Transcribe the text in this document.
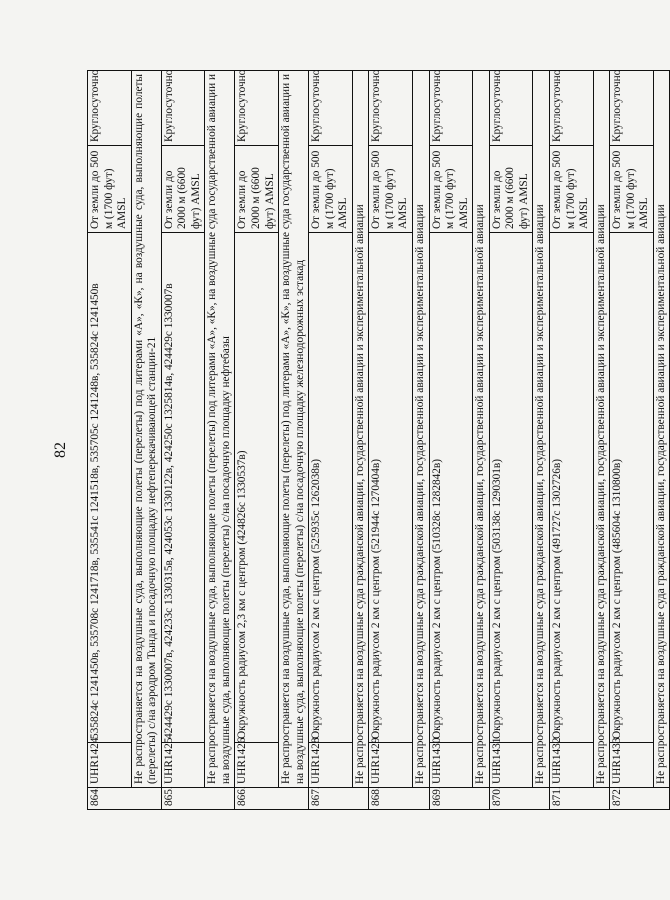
82
864.	UHR1424	535824с 1241450в, 535708с 1241718в, 535541с 1241518в, 535705с 1241248в, 535824с 1241450в	От земли до 500 м (1700 фут) AMSL	Круглосуточно
	Не распространяется на воздушные суда, выполняющие полеты (перелеты) под литерами «А», «К», на воздушные суда, выполняющие полеты (перелеты) с/на аэродром Тында и посадочную площадку нефтеперекачивающей станции-21			
865.	UHR1425	424429с 1330007в, 424233с 1330315в, 424053с 1330122в, 424250с 1325814в, 424429с 1330007в	От земли до 2000 м (6600 фут) AMSL	Круглосуточно
	Не распространяется на воздушные суда, выполняющие полеты (перелеты) под литерами «А», «К», на воздушные суда государственной авиации и на воздушные суда, выполняющие полеты (перелеты) с/на посадочную площадку нефтебазы			
866.	UHR1426	Окружность радиусом 2,3 км с центром (424826с 1330537в)	От земли до 2000 м (6600 фут) AMSL	Круглосуточно
	Не распространяется на воздушные суда, выполняющие полеты (перелеты) под литерами «А», «К», на воздушные суда государственной авиации и на воздушные суда, выполняющие полеты (перелеты) с/на посадочную площадку железнодорожных эстакад			
867.	UHR1428	Окружность радиусом 2 км с центром (525935с 1262038в)	От земли до 500 м (1700 фут) AMSL	Круглосуточно
	Не распространяется на воздушные суда гражданской авиации, государственной авиации и экспериментальной авиации			
868.	UHR1429	Окружность радиусом 2 км с центром (521944с 1270404в)	От земли до 500 м (1700 фут) AMSL	Круглосуточно
	Не распространяется на воздушные суда гражданской авиации, государственной авиации и экспериментальной авиации			
869.	UHR1430	Окружность радиусом 2 км с центром (510328с 1282842в)	От земли до 500 м (1700 фут) AMSL	Круглосуточно
	Не распространяется на воздушные суда гражданской авиации, государственной авиации и экспериментальной авиации			
870.	UHR1431	Окружность радиусом 2 км с центром (503138с 1290301в)	От земли до 2000 м (6600 фут) AMSL	Круглосуточно
	Не распространяется на воздушные суда гражданской авиации, государственной авиации и экспериментальной авиации			
871.	UHR1432	Окружность радиусом 2 км с центром (491727с 1302726в)	От земли до 500 м (1700 фут) AMSL	Круглосуточно
	Не распространяется на воздушные суда гражданской авиации, государственной авиации и экспериментальной авиации			
872.	UHR1433	Окружность радиусом 2 км с центром (485604с 1310800в)	От земли до 500 м (1700 фут) AMSL	Круглосуточно
	Не распространяется на воздушные суда гражданской авиации, государственной авиации и экспериментальной авиации			
